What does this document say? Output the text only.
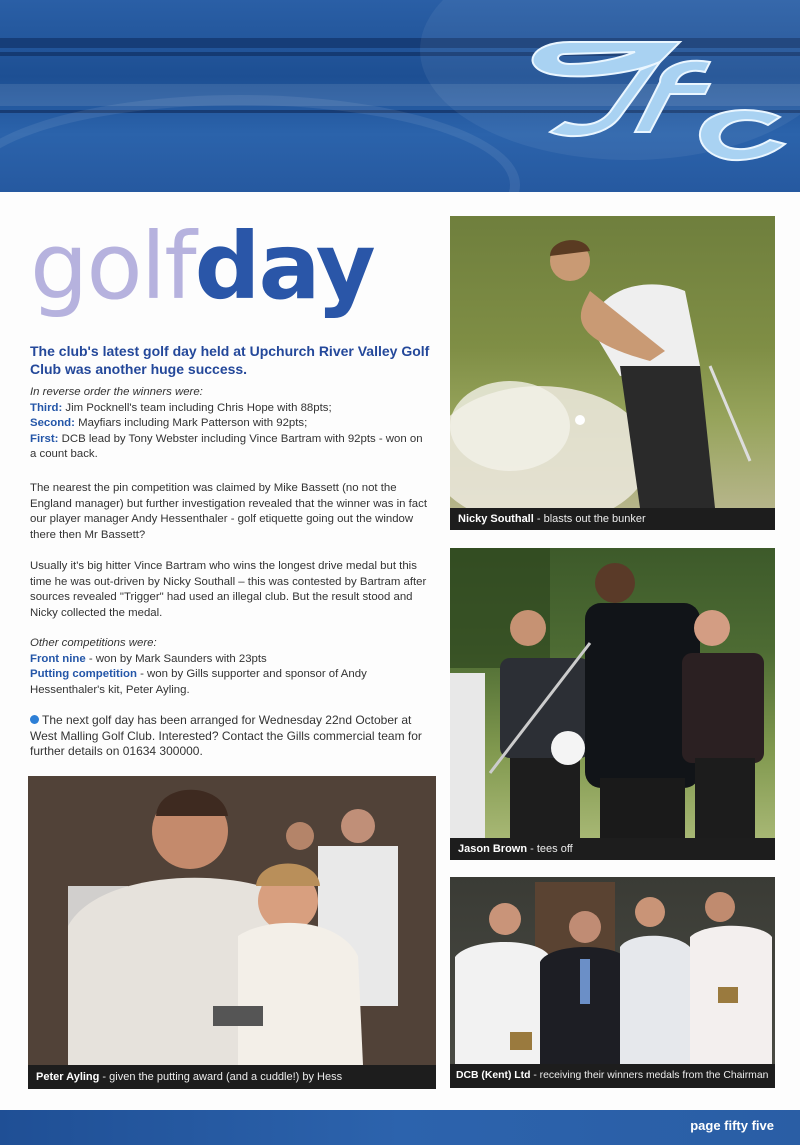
golfday
The club's latest golf day held at Upchurch River Valley Golf Club was another huge success.

In reverse order the winners were:

Third: Jim Pocknell's team including Chris Hope with 88pts;

Second: Mayfiars including Mark Patterson with 92pts;

First: DCB lead by Tony Webster including Vince Bartram with 92pts - won on a count back.

The nearest the pin competition was claimed by Mike Bassett (no not the England manager) but further investigation revealed that the winner was in fact our player manager Andy Hessenthaler - golf etiquette going out the window there then Mr Bassett?
Usually it's big hitter Vince Bartram who wins the longest drive medal but this time he was out-driven by Nicky Southall – this was contested by Bartram after sources revealed "Trigger" had used an illegal club. But the result stood and Nicky collected the medal.

Other competitions were:

Front nine - won by Mark Saunders with 23pts

Putting competition - won by Gills supporter and sponsor of Andy Hessenthaler's kit, Peter Ayling.

The next golf day has been arranged for Wednesday 22nd October at West Malling Golf Club. Interested? Contact the Gills commercial team for further details on 01634 300000.
Nicky Southall - blasts out the bunker
Jason Brown - tees off
Peter Ayling - given the putting award (and a cuddle!) by Hess	DCB (Kent) Ltd - receiving their winners medals from the Chairman
page fifty five
